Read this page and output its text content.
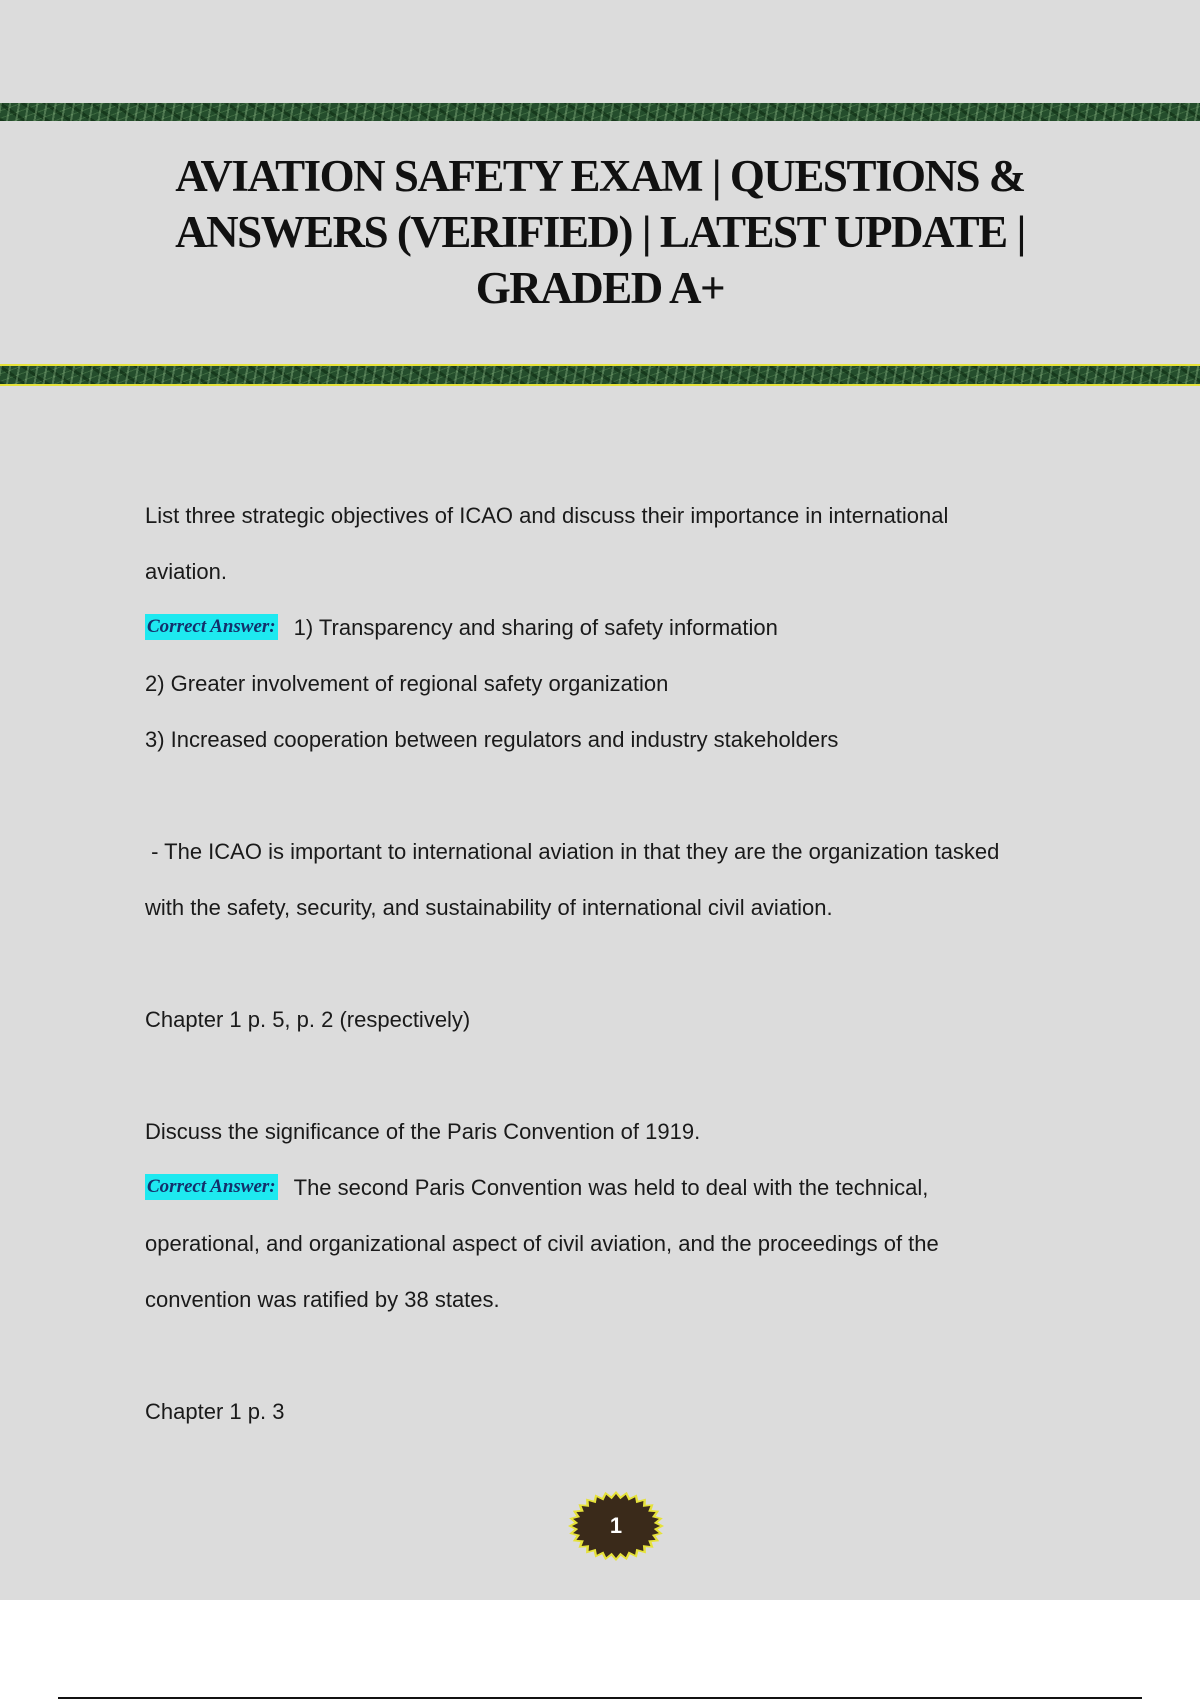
AVIATION SAFETY EXAM | QUESTIONS & ANSWERS (VERIFIED) | LATEST UPDATE | GRADED A+

List three strategic objectives of ICAO and discuss their importance in international

aviation.

Correct Answer: 1) Transparency and sharing of safety information

2) Greater involvement of regional safety organization

3) Increased cooperation between regulators and industry stakeholders

- The ICAO is important to international aviation in that they are the organization tasked

with the safety, security, and sustainability of international civil aviation.

Chapter 1 p. 5, p. 2 (respectively)

Discuss the significance of the Paris Convention of 1919.

Correct Answer: The second Paris Convention was held to deal with the technical,

operational, and organizational aspect of civil aviation, and the proceedings of the

convention was ratified by 38 states.

Chapter 1 p. 3

1
